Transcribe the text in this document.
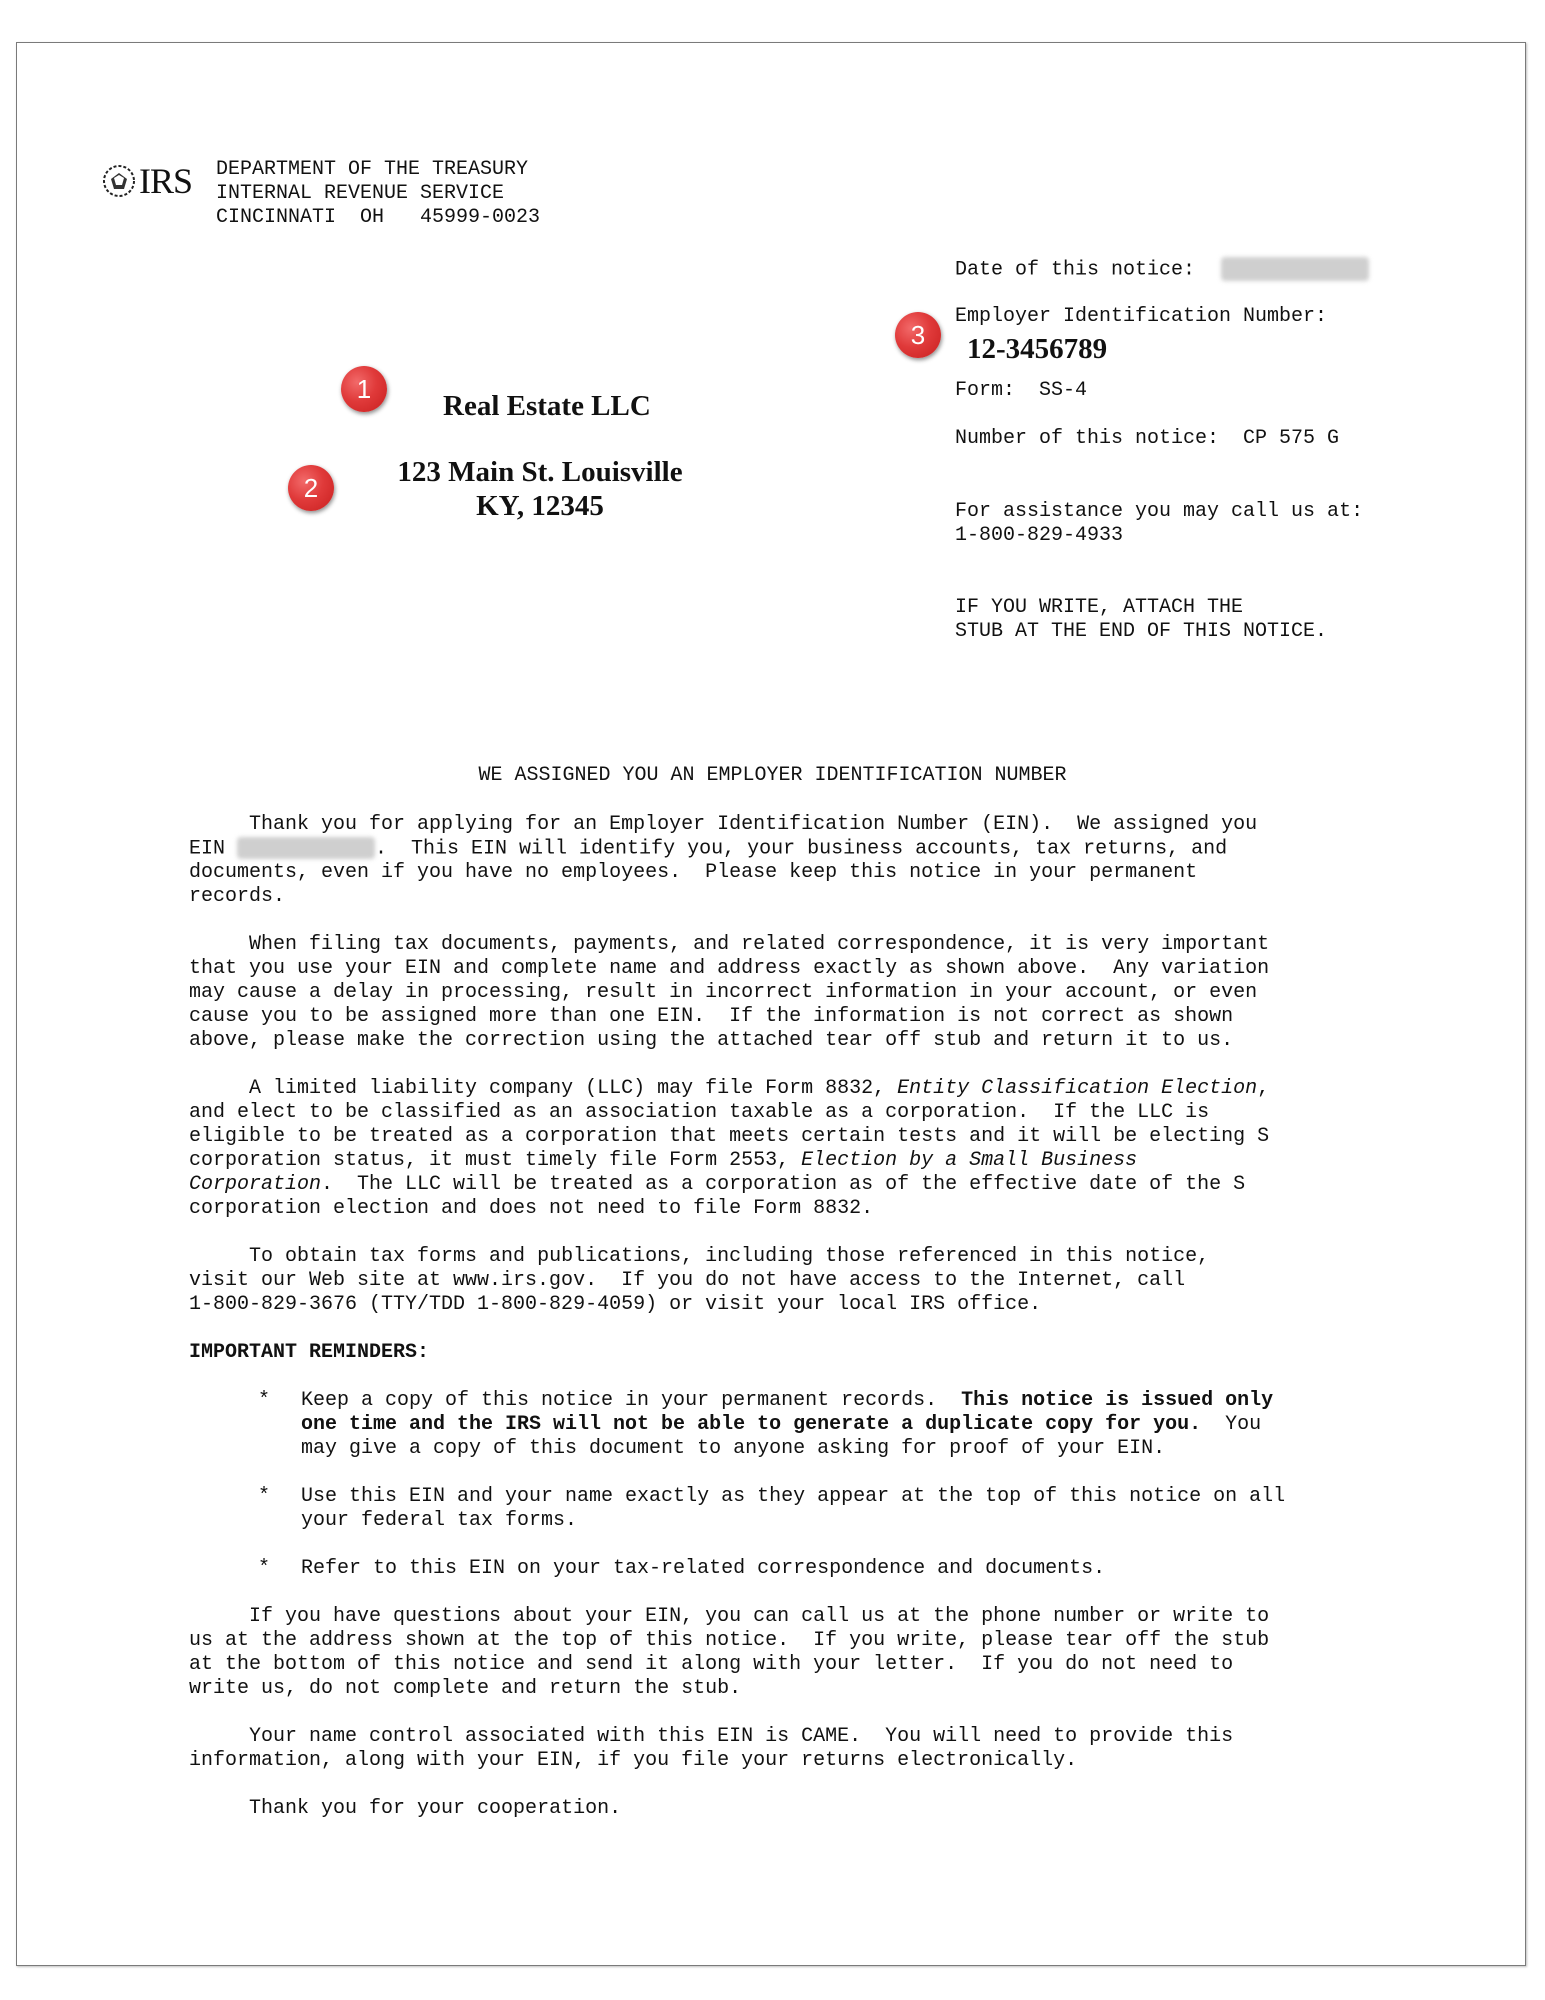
IRS DEPARTMENT OF THE TREASURY
INTERNAL REVENUE SERVICE
CINCINNATI  OH   45999-0023
Real Estate LLC
123 Main St. Louisville
KY, 12345
1
2
3
Date of this notice:
Employer Identification Number:
12-3456789
Form:  SS-4
Number of this notice:  CP 575 G
For assistance you may call us at:
1-800-829-4933
IF YOU WRITE, ATTACH THE
STUB AT THE END OF THIS NOTICE.
WE ASSIGNED YOU AN EMPLOYER IDENTIFICATION NUMBER

Thank you for applying for an Employer Identification Number (EIN).  We assigned you
EIN	.  This EIN will identify you, your business accounts, tax returns, and
documents, even if you have no employees.  Please keep this notice in your permanent
records.

When filing tax documents, payments, and related correspondence, it is very important
that you use your EIN and complete name and address exactly as shown above.  Any variation
may cause a delay in processing, result in incorrect information in your account, or even
cause you to be assigned more than one EIN.  If the information is not correct as shown
above, please make the correction using the attached tear off stub and return it to us.

A limited liability company (LLC) may file Form 8832, Entity Classification Election,
and elect to be classified as an association taxable as a corporation.  If the LLC is
eligible to be treated as a corporation that meets certain tests and it will be electing S
corporation status, it must timely file Form 2553, Election by a Small Business
Corporation.  The LLC will be treated as a corporation as of the effective date of the S
corporation election and does not need to file Form 8832.

To obtain tax forms and publications, including those referenced in this notice,
visit our Web site at www.irs.gov.  If you do not have access to the Internet, call
1-800-829-3676 (TTY/TDD 1-800-829-4059) or visit your local IRS office.

IMPORTANT REMINDERS:

* Keep a copy of this notice in your permanent records.  This notice is issued only
one time and the IRS will not be able to generate a duplicate copy for you.  You
may give a copy of this document to anyone asking for proof of your EIN.
* Use this EIN and your name exactly as they appear at the top of this notice on all
your federal tax forms.
* Refer to this EIN on your tax-related correspondence and documents.

If you have questions about your EIN, you can call us at the phone number or write to
us at the address shown at the top of this notice.  If you write, please tear off the stub
at the bottom of this notice and send it along with your letter.  If you do not need to
write us, do not complete and return the stub.

Your name control associated with this EIN is CAME.  You will need to provide this
information, along with your EIN, if you file your returns electronically.

Thank you for your cooperation.
